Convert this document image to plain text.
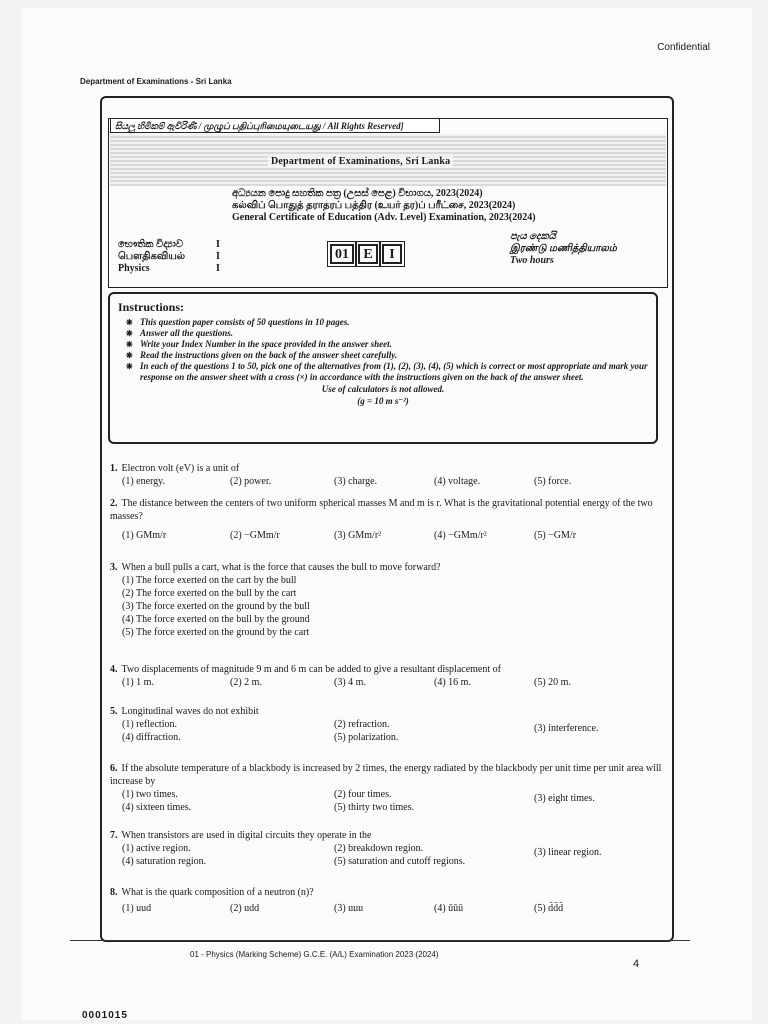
Confidential
Department of Examinations - Sri Lanka
සියලු හිමිකම් ඇවිරිණි / முழுப் பதிப்புரிமையுடையது / All Rights Reserved]
Department of Examinations, Sri Lanka
අධ්‍යයන පොදු සහතික පත්‍ර (උසස් පෙළ) විභාගය, 2023(2024)
கல்விப் பொதுத் தராதரப் பத்திர (உயர் தர)ப் பரீட்சை, 2023(2024)
General Certificate of Education (Adv. Level) Examination, 2023(2024)
භෞතික විද්‍යාව	I
பௌதிகவியல்	I
Physics	I
01	E	I
පැය දෙකයි
இரண்டு மணித்தியாலம்
Two hours
Instructions:
❋ This question paper consists of 50 questions in 10 pages.
❋ Answer all the questions.
❋ Write your Index Number in the space provided in the answer sheet.
❋ Read the instructions given on the back of the answer sheet carefully.
❋ In each of the questions 1 to 50, pick one of the alternatives from (1), (2), (3), (4), (5) which is correct or most appropriate and mark your response on the answer sheet with a cross (×) in accordance with the instructions given on the back of the answer sheet.
Use of calculators is not allowed.
(g = 10 m s⁻²)
1. Electron volt (eV) is a unit of
(1) energy.	(2) power.	(3) charge.	(4) voltage.	(5) force.
2. The distance between the centers of two uniform spherical masses M and m is r. What is the gravitational potential energy of the two masses?
(1) GMm/r	(2) −GMm/r	(3) GMm/r²	(4) −GMm/r²	(5) −GM/r
3. When a bull pulls a cart, what is the force that causes the bull to move forward?
(1) The force exerted on the cart by the bull
(2) The force exerted on the bull by the cart
(3) The force exerted on the ground by the bull
(4) The force exerted on the bull by the ground
(5) The force exerted on the ground by the cart
4. Two displacements of magnitude 9 m and 6 m can be added to give a resultant displacement of
(1) 1 m.	(2) 2 m.	(3) 4 m.	(4) 16 m.	(5) 20 m.
5. Longitudinal waves do not exhibit
(1) reflection.
(4) diffraction.
(2) refraction.
(5) polarization.
(3) interference.
6. If the absolute temperature of a blackbody is increased by 2 times, the energy radiated by the blackbody per unit time per unit area will increase by
(1) two times.
(4) sixteen times.
(2) four times.
(5) thirty two times.
(3) eight times.
7. When transistors are used in digital circuits they operate in the
(1) active region.
(4) saturation region.
(2) breakdown region.
(5) saturation and cutoff regions.
(3) linear region.
8. What is the quark composition of a neutron (n)?
(1) uud	(2) udd	(3) uuu	(4) ūūū	(5) d̄d̄d̄
01 - Physics (Marking Scheme) G.C.E. (A/L) Examination 2023 (2024)
4
0001015
